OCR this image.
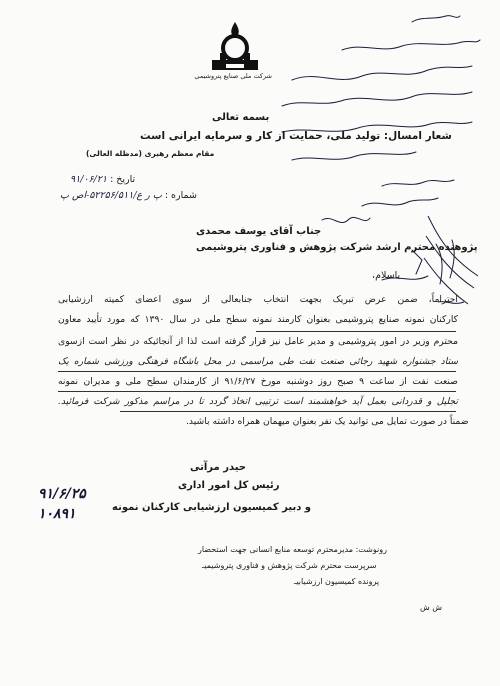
شرکت ملی صنایع پتروشیمی
بسمه تعالی
شعار امسال: تولید ملی، حمایت از کار و سرمایه ایرانی است
مقام معظم رهبری (مدظله العالی)
تاریخ : ۹۱/۰۶/۲۱
شماره : پ ر ع/۵۲۲۵۶/۵۱۱-اص پ
جناب آقای یوسف محمدی
پژوهنده محترم ارشد شرکت پژوهش و فناوری پتروشیمی
باسلام،
احتراماً، ضمن عرض تبریک بجهت انتخاب جنابعالی از سوی اعضای کمیته ارزشیابی
کارکنان نمونه صنایع پتروشیمی بعنوان کارمند نمونه سطح ملی در سال ۱۳۹۰ که مورد تأیید معاون
محترم وزیر در امور پتروشیمی و مدیر عامل نیز قرار گرفته است لذا از آنجائیکه در نظر است ازسوی
ستاد جشنواره شهید رجائی صنعت نفت طی مراسمی در محل باشگاه فرهنگی ورزشی شماره یک
صنعت نفت از ساعت ۹ صبح روز دوشنبه مورخ ۹۱/۶/۲۷ از کارمندان سطح ملی و مدیران نمونه
تجلیل و قدردانی بعمل آید خواهشمند است ترتیبی اتخاذ گردد تا در مراسم مذکور شرکت فرمائید.
ضمناً در صورت تمایل می توانید یک نفر بعنوان میهمان همراه داشته باشید.
حیدر مرآتی
رئیس کل امور اداری
و دبیر کمیسیون ارزشیابی کارکنان نمونه
۹۱/۶/۲۵
۱۰۸۹۱
رونوشت: مدیرمحترم توسعه منابع انسانی جهت استحضار
سرپرست محترم شرکت پژوهش و فناوری پتروشیمیـ
پرونده کمیسیون ارزشیابیـ
ش ش
